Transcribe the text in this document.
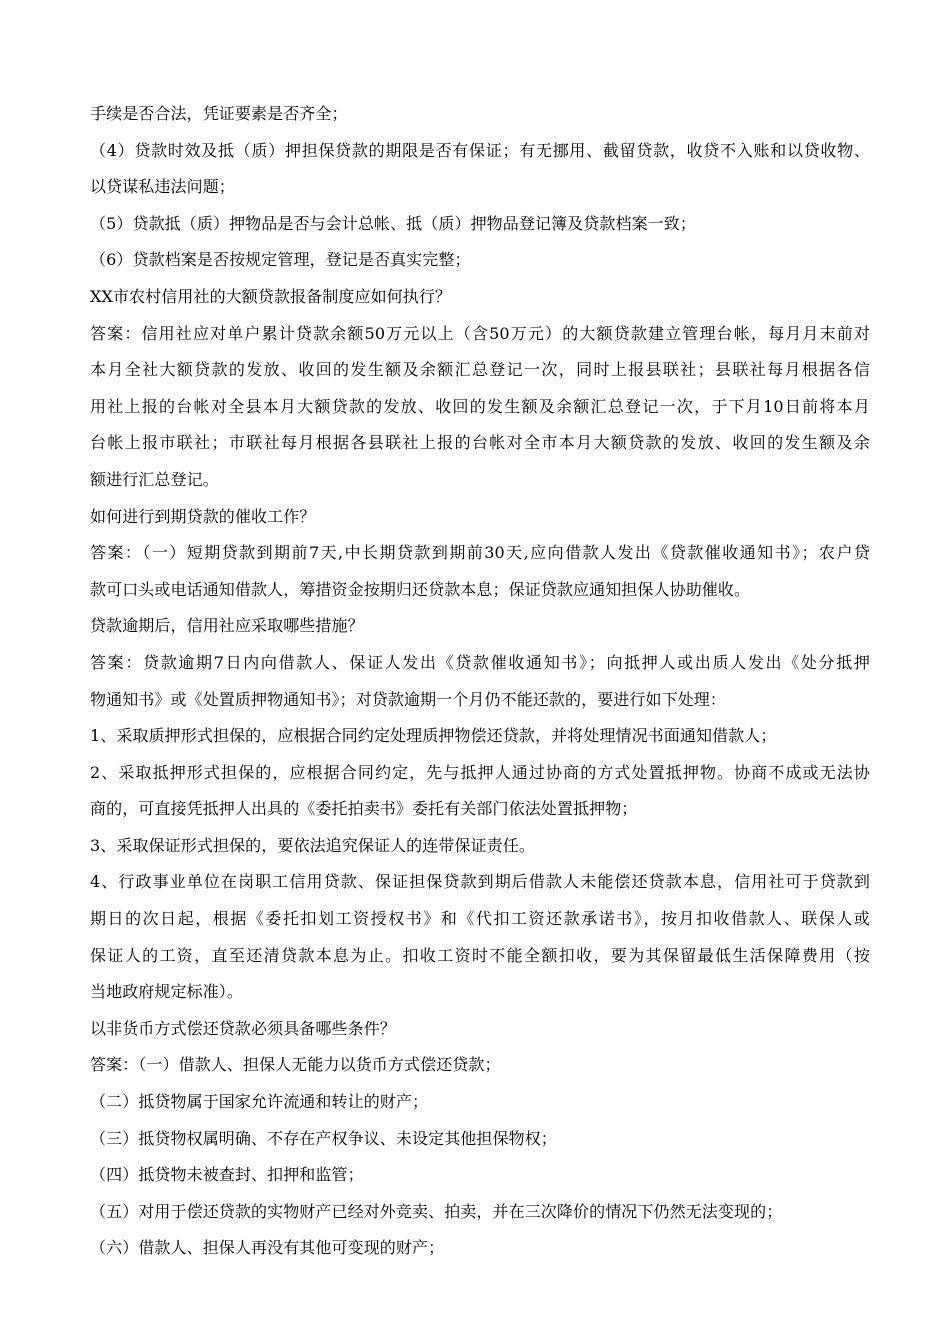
手续是否合法，凭证要素是否齐全；
（4）贷款时效及抵（质）押担保贷款的期限是否有保证；有无挪用、截留贷款，收贷不入账和以贷收物、
以贷谋私违法问题；
（5）贷款抵（质）押物品是否与会计总帐、抵（质）押物品登记簿及贷款档案一致；
（6）贷款档案是否按规定管理，登记是否真实完整；
XX市农村信用社的大额贷款报备制度应如何执行？
答案：信用社应对单户累计贷款余额50万元以上（含50万元）的大额贷款建立管理台帐，每月月末前对
本月全社大额贷款的发放、收回的发生额及余额汇总登记一次，同时上报县联社；县联社每月根据各信
用社上报的台帐对全县本月大额贷款的发放、收回的发生额及余额汇总登记一次，于下月10日前将本月
台帐上报市联社；市联社每月根据各县联社上报的台帐对全市本月大额贷款的发放、收回的发生额及余
额进行汇总登记。
如何进行到期贷款的催收工作？
答案：（一）短期贷款到期前7天,中长期贷款到期前30天,应向借款人发出《贷款催收通知书》；农户贷
款可口头或电话通知借款人，筹措资金按期归还贷款本息；保证贷款应通知担保人协助催收。
贷款逾期后，信用社应采取哪些措施？
答案：贷款逾期7日内向借款人、保证人发出《贷款催收通知书》；向抵押人或出质人发出《处分抵押
物通知书》或《处置质押物通知书》；对贷款逾期一个月仍不能还款的，要进行如下处理：
1、采取质押形式担保的，应根据合同约定处理质押物偿还贷款，并将处理情况书面通知借款人；
2、采取抵押形式担保的，应根据合同约定，先与抵押人通过协商的方式处置抵押物。协商不成或无法协
商的，可直接凭抵押人出具的《委托拍卖书》委托有关部门依法处置抵押物；
3、采取保证形式担保的，要依法追究保证人的连带保证责任。
4、行政事业单位在岗职工信用贷款、保证担保贷款到期后借款人未能偿还贷款本息，信用社可于贷款到
期日的次日起，根据《委托扣划工资授权书》和《代扣工资还款承诺书》，按月扣收借款人、联保人或
保证人的工资，直至还清贷款本息为止。扣收工资时不能全额扣收，要为其保留最低生活保障费用（按
当地政府规定标准）。
以非货币方式偿还贷款必须具备哪些条件？
答案：（一）借款人、担保人无能力以货币方式偿还贷款；
（二）抵贷物属于国家允许流通和转让的财产；
（三）抵贷物权属明确、不存在产权争议、未设定其他担保物权；
（四）抵贷物未被查封、扣押和监管；
（五）对用于偿还贷款的实物财产已经对外竞卖、拍卖，并在三次降价的情况下仍然无法变现的；
（六）借款人、担保人再没有其他可变现的财产；
